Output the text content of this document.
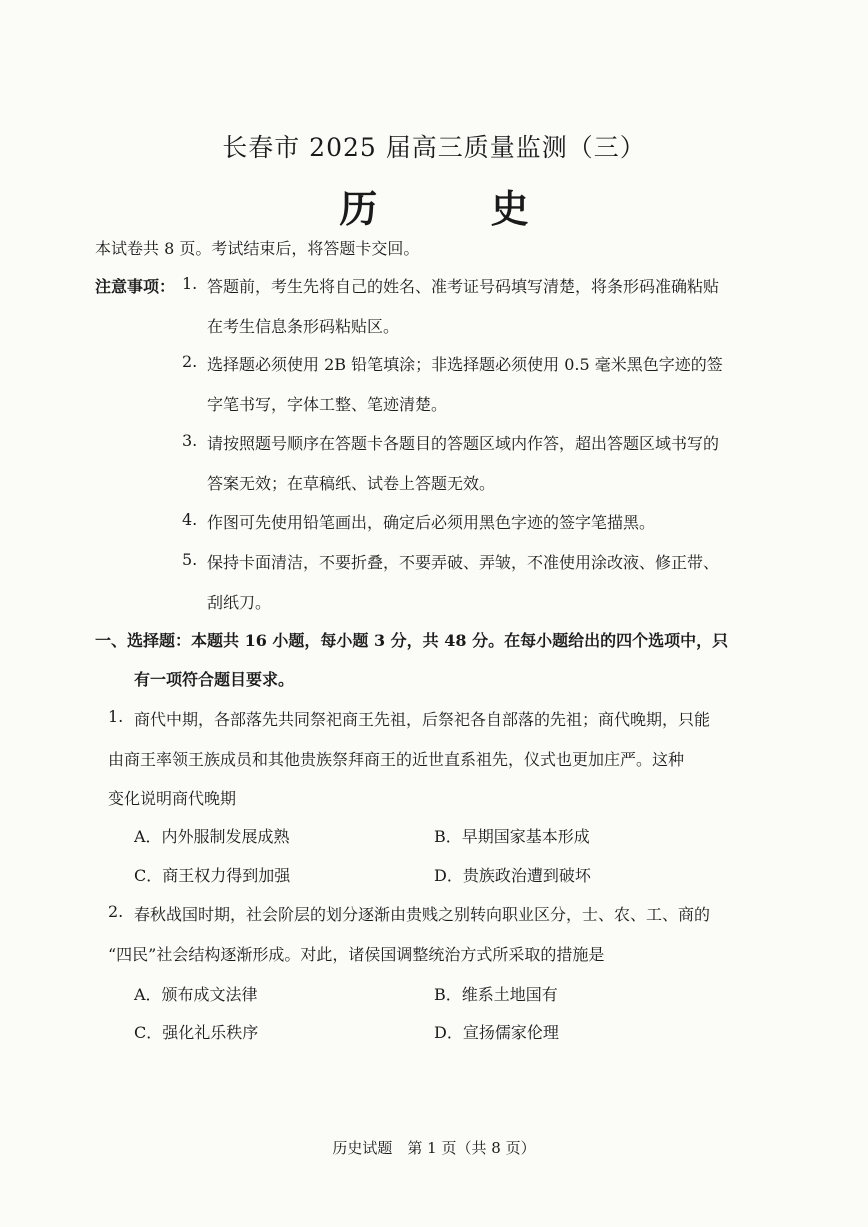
长春市 2025 届高三质量监测（三）
历 史
本试卷共 8 页。考试结束后，将答题卡交回。
注意事项： 1. 答题前，考生先将自己的姓名、准考证号码填写清楚，将条形码准确粘贴
在考生信息条形码粘贴区。
2. 选择题必须使用 2B 铅笔填涂；非选择题必须使用 0.5 毫米黑色字迹的签
字笔书写，字体工整、笔迹清楚。
3. 请按照题号顺序在答题卡各题目的答题区域内作答，超出答题区域书写的
答案无效；在草稿纸、试卷上答题无效。
4. 作图可先使用铅笔画出，确定后必须用黑色字迹的签字笔描黑。
5. 保持卡面清洁，不要折叠，不要弄破、弄皱，不准使用涂改液、修正带、
刮纸刀。
一、选择题：本题共 16 小题，每小题 3 分，共 48 分。在每小题给出的四个选项中，只
有一项符合题目要求。
1. 商代中期，各部落先共同祭祀商王先祖，后祭祀各自部落的先祖；商代晚期，只能
由商王率领王族成员和其他贵族祭拜商王的近世直系祖先，仪式也更加庄严。这种
变化说明商代晚期
A．内外服制发展成熟	B．早期国家基本形成
C．商王权力得到加强	D．贵族政治遭到破坏
2. 春秋战国时期，社会阶层的划分逐渐由贵贱之别转向职业区分，士、农、工、商的
“四民”社会结构逐渐形成。对此，诸侯国调整统治方式所采取的措施是
A．颁布成文法律	B．维系土地国有
C．强化礼乐秩序	D．宣扬儒家伦理
历史试题　第 1 页（共 8 页）
